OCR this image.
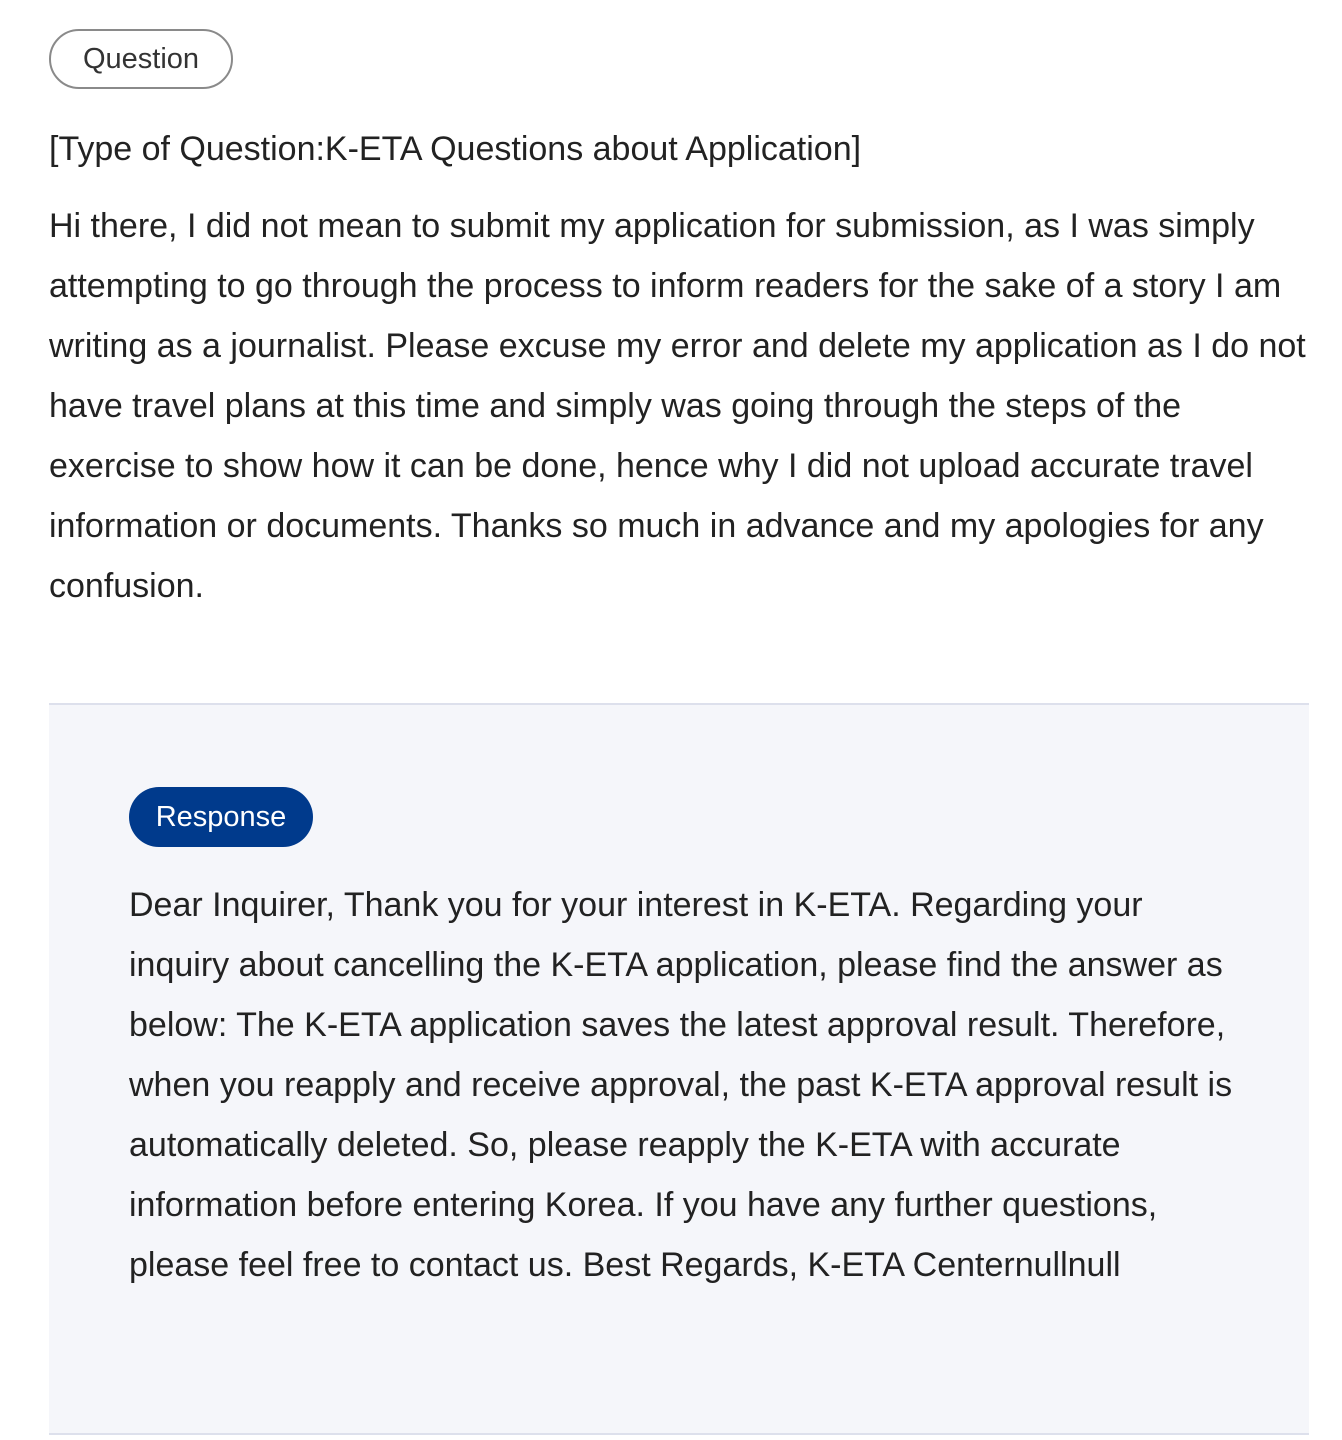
Question
[Type of Question:K-ETA Questions about Application]
Hi there, I did not mean to submit my application for submission, as I was simply attempting to go through the process to inform readers for the sake of a story I am writing as a journalist. Please excuse my error and delete my application as I do not have travel plans at this time and simply was going through the steps of the exercise to show how it can be done, hence why I did not upload accurate travel information or documents. Thanks so much in advance and my apologies for any confusion.
Response
Dear Inquirer, Thank you for your interest in K-ETA. Regarding your inquiry about cancelling the K-ETA application, please find the answer as below: The K-ETA application saves the latest approval result. Therefore, when you reapply and receive approval, the past K-ETA approval result is automatically deleted. So, please reapply the K-ETA with accurate information before entering Korea. If you have any further questions, please feel free to contact us. Best Regards, K-ETA Centernullnull
